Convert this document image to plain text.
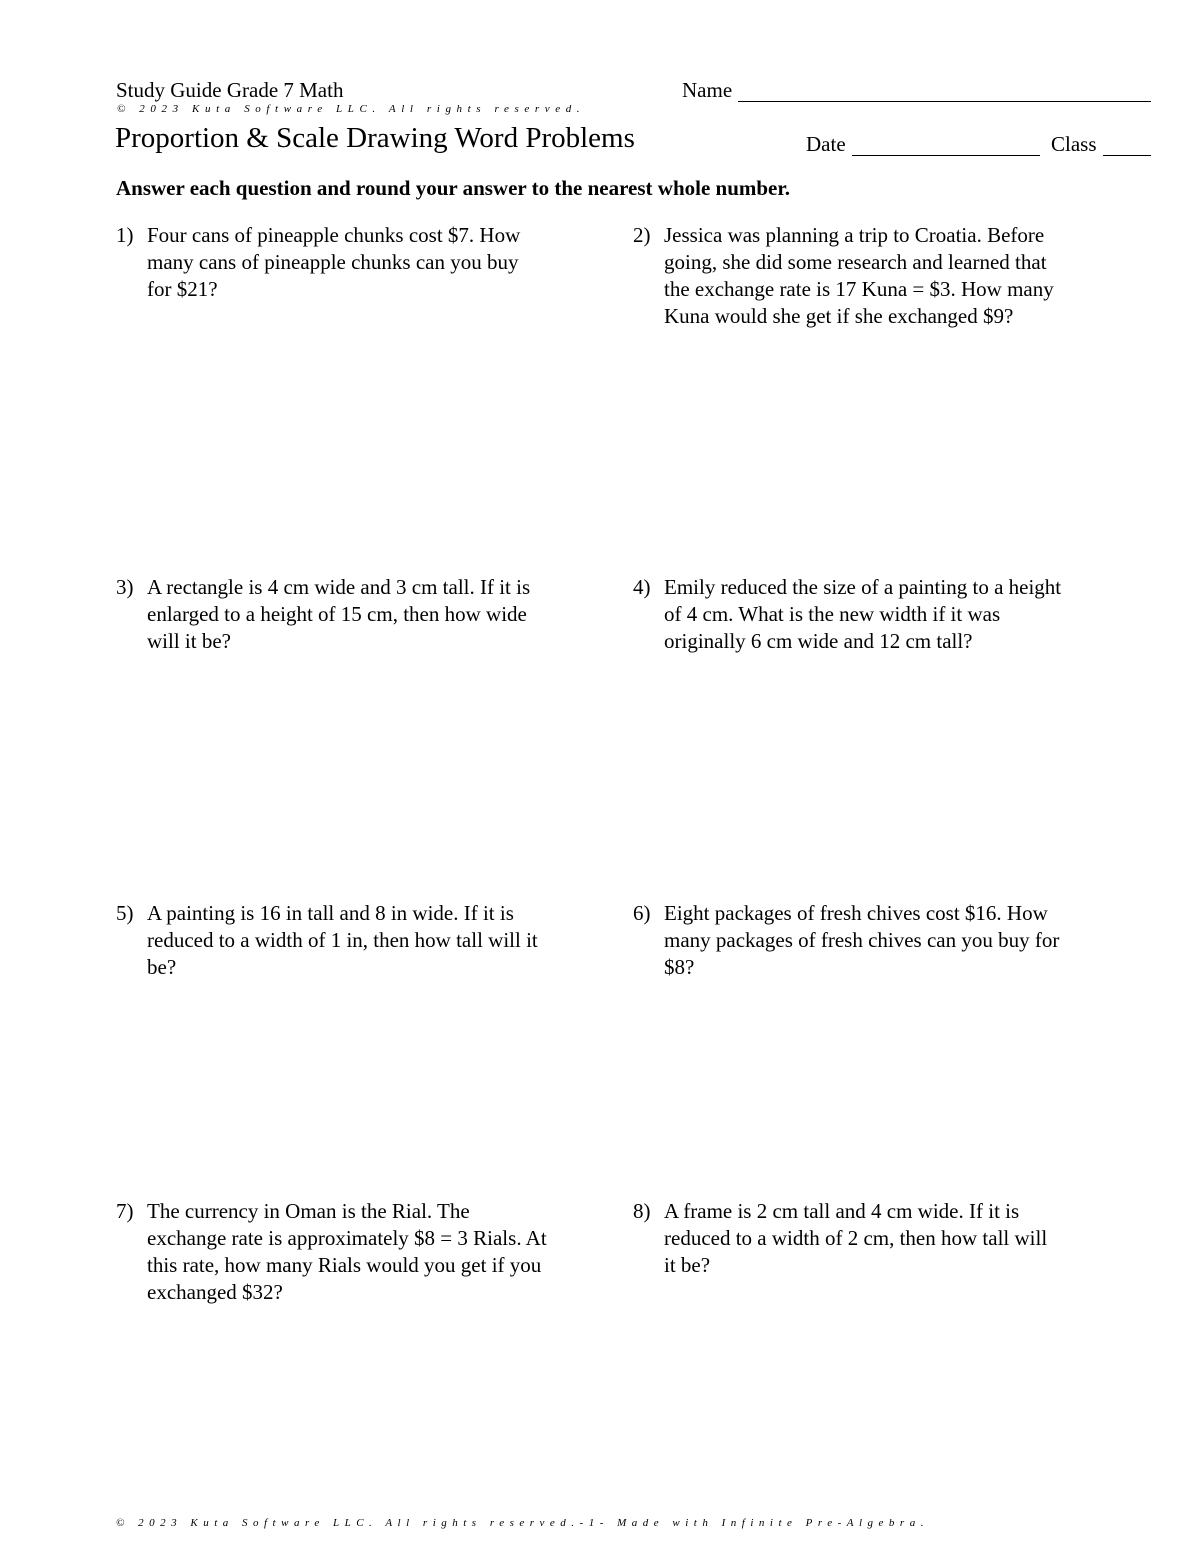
Study Guide Grade 7 Math	Name
© 2023 Kuta Software LLC. All rights reserved.
Proportion & Scale Drawing Word Problems	Date	Class
Answer each question and round your answer to the nearest whole number.
1) Four cans of pineapple chunks cost $7. How many cans of pineapple chunks can you buy for $21?
2) Jessica was planning a trip to Croatia. Before going, she did some research and learned that the exchange rate is 17 Kuna = $3. How many Kuna would she get if she exchanged $9?
3) A rectangle is 4 cm wide and 3 cm tall. If it is enlarged to a height of 15 cm, then how wide will it be?
4) Emily reduced the size of a painting to a height of 4 cm. What is the new width if it was originally 6 cm wide and 12 cm tall?
5) A painting is 16 in tall and 8 in wide. If it is reduced to a width of 1 in, then how tall will it be?
6) Eight packages of fresh chives cost $16. How many packages of fresh chives can you buy for $8?
7) The currency in Oman is the Rial. The exchange rate is approximately $8 = 3 Rials. At this rate, how many Rials would you get if you exchanged $32?
8) A frame is 2 cm tall and 4 cm wide. If it is reduced to a width of 2 cm, then how tall will it be?
© 2023 Kuta Software LLC. All rights reserved.-1- Made with Infinite Pre-Algebra.
